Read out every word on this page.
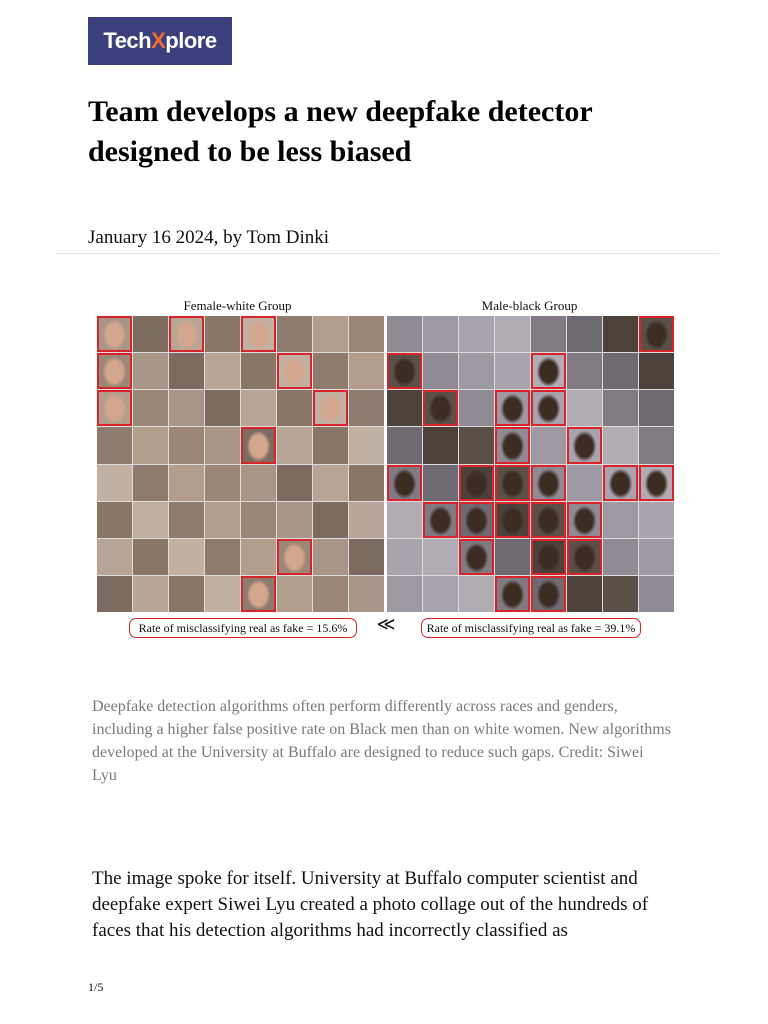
TechXplore
Team develops a new deepfake detector designed to be less biased
January 16 2024, by Tom Dinki
Female-white Group	Male-black Group
Rate of misclassifying real as fake = 15.6%	≪	Rate of misclassifying real as fake = 39.1%

Deepfake detection algorithms often perform differently across races and genders, including a higher false positive rate on Black men than on white women. New algorithms developed at the University at Buffalo are designed to reduce such gaps. Credit: Siwei Lyu

The image spoke for itself. University at Buffalo computer scientist and deepfake expert Siwei Lyu created a photo collage out of the hundreds of faces that his detection algorithms had incorrectly classified as

1/5
